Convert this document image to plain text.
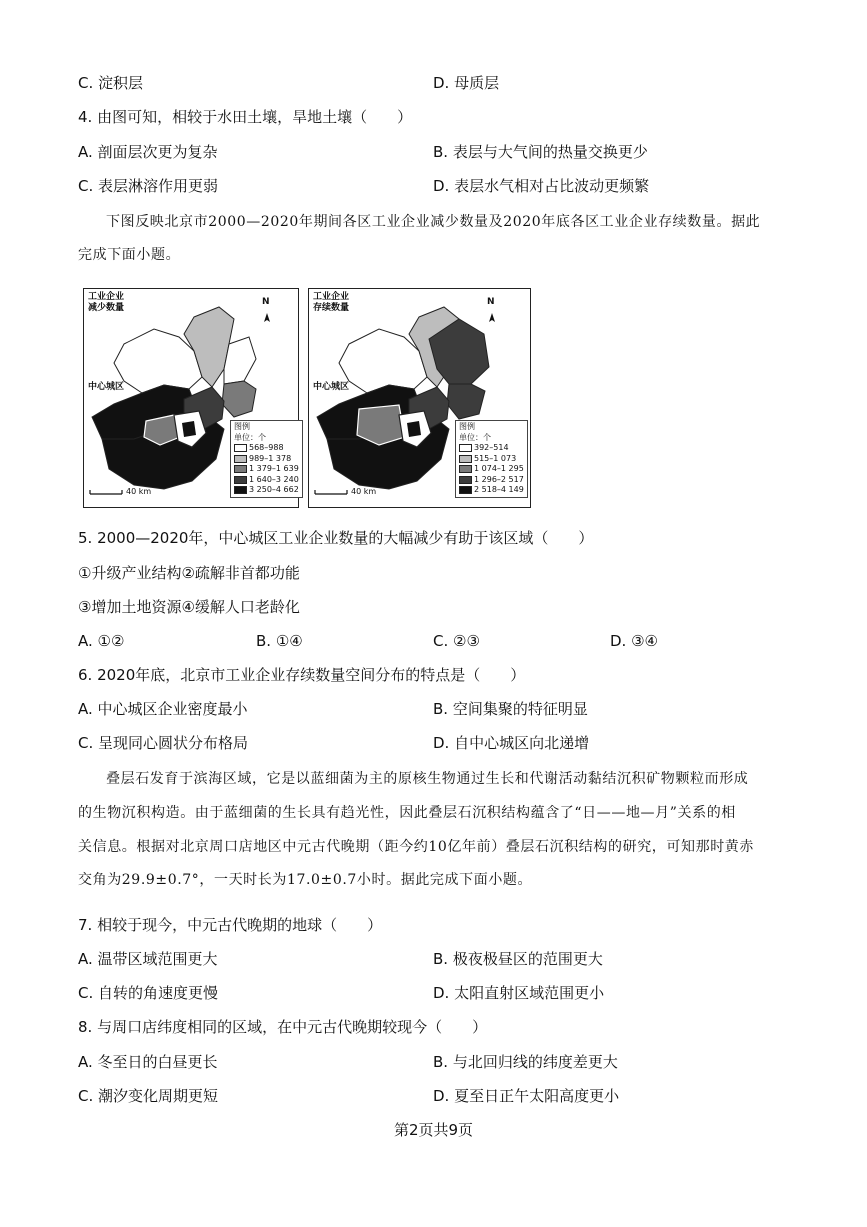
C. 淀积层	D. 母质层
4. 由图可知，相较于水田土壤，旱地土壤（　　）
A. 剖面层次更为复杂	B. 表层与大气间的热量交换更少
C. 表层淋溶作用更弱	D. 表层水气相对占比波动更频繁
下图反映北京市2000—2020年期间各区工业企业减少数量及2020年底各区工业企业存续数量。据此
完成下面小题。
工业企业
减少数量
N
中心城区
图例
单位：个
568–988
989–1 378
1 379–1 639
1 640–3 240
3 250–4 662
40 km
工业企业
存续数量
N
中心城区
图例
单位：个
392–514
515–1 073
1 074–1 295
1 296–2 517
2 518–4 149
40 km
5. 2000—2020年，中心城区工业企业数量的大幅减少有助于该区域（　　）
①升级产业结构②疏解非首都功能
③增加土地资源④缓解人口老龄化
A. ①②	B. ①④	C. ②③	D. ③④
6. 2020年底，北京市工业企业存续数量空间分布的特点是（　　）
A. 中心城区企业密度最小	B. 空间集聚的特征明显
C. 呈现同心圆状分布格局	D. 自中心城区向北递增
叠层石发育于滨海区域，它是以蓝细菌为主的原核生物通过生长和代谢活动黏结沉积矿物颗粒而形成
的生物沉积构造。由于蓝细菌的生长具有趋光性，因此叠层石沉积结构蕴含了“日——地—月”关系的相
关信息。根据对北京周口店地区中元古代晚期（距今约10亿年前）叠层石沉积结构的研究，可知那时黄赤
交角为29.9±0.7°，一天时长为17.0±0.7小时。据此完成下面小题。
7. 相较于现今，中元古代晚期的地球（　　）
A. 温带区域范围更大	B. 极夜极昼区的范围更大
C. 自转的角速度更慢	D. 太阳直射区域范围更小
8. 与周口店纬度相同的区域，在中元古代晚期较现今（　　）
A. 冬至日的白昼更长	B. 与北回归线的纬度差更大
C. 潮汐变化周期更短	D. 夏至日正午太阳高度更小
第2页共9页
